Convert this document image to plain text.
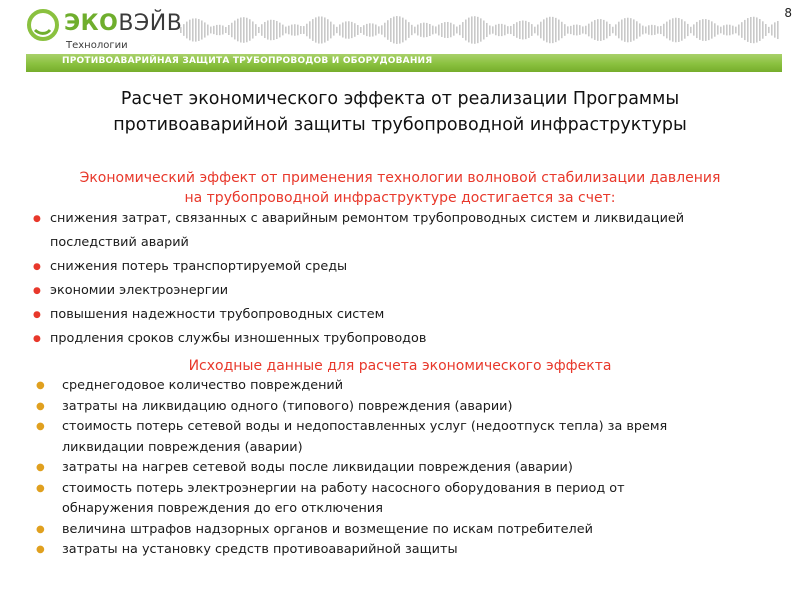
ЭКОВЭЙВ
Технологии
8
ПРОТИВОАВАРИЙНАЯ ЗАЩИТА ТРУБОПРОВОДОВ И ОБОРУДОВАНИЯ
Расчет экономического эффекта от реализации Программы
противоаварийной защиты трубопроводной инфраструктуры
Экономический эффект от применения технологии волновой стабилизации давления
на трубопроводной инфраструктуре достигается за счет:
● снижения затрат, связанных с аварийным ремонтом трубопроводных систем и ликвидацией
последствий аварий
● снижения потерь транспортируемой среды
● экономии электроэнергии
● повышения надежности трубопроводных систем
● продления сроков службы изношенных трубопроводов
Исходные данные для расчета экономического эффекта
● среднегодовое количество повреждений
● затраты на ликвидацию одного (типового) повреждения (аварии)
● стоимость потерь сетевой воды и недопоставленных услуг (недоотпуск тепла) за время
ликвидации повреждения (аварии)
● затраты на нагрев сетевой воды после ликвидации повреждения (аварии)
● стоимость потерь электроэнергии на работу насосного оборудования в период от
обнаружения повреждения до его отключения
● величина штрафов надзорных органов и возмещение по искам потребителей
● затраты на установку средств противоаварийной защиты
